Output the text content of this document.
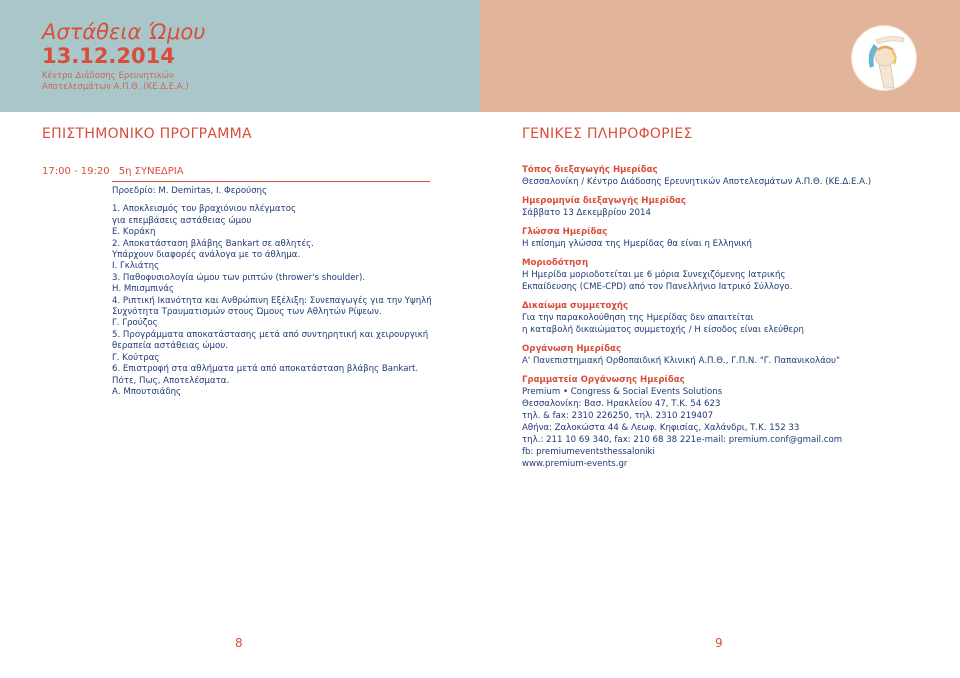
Αστάθεια Ώμου
13.12.2014
Κέντρο Διάδοσης Ερευνητικών
Αποτελεσμάτων Α.Π.Θ. (ΚΕ.Δ.Ε.Α.)
ΕΠΙΣΤΗΜΟΝΙΚΟ ΠΡΟΓΡΑΜΜΑ	ΓΕΝΙΚΕΣ ΠΛΗΡΟΦΟΡΙΕΣ
17:00 - 19:20 5η ΣΥΝΕΔΡΙΑ
Προεδρίο: M. Demirtas, Ι. Φερούσης
1. Αποκλεισμός του βραχιόνιου πλέγματος
για επεμβάσεις αστάθειας ώμου
Ε. Κοράκη
2. Αποκατάσταση βλάβης Bankart σε αθλητές.
Υπάρχουν διαφορές ανάλογα με το άθλημα.
Ι. Γκλιάτης
3. Παθοφυσιολογία ώμου των ριπτών (thrower's shoulder).
Η. Μπισμπινάς
4. Ριπτική Ικανότητα και Ανθρώπινη Εξέλιξη: Συνεπαγωγές για την Υψηλή
Συχνότητα Τραυματισμών στους Ώμους των Αθλητών Ρίψεων.
Γ. Γρούζος
5. Προγράμματα αποκατάστασης μετά από συντηρητική και χειρουργική
θεραπεία αστάθειας ώμου.
Γ. Κούτρας
6. Επιστροφή στα αθλήματα μετά από αποκατάσταση βλάβης Bankart.
Πότε, Πως, Αποτελέσματα.
Α. Μπουτσιάδης
Τόπος διεξαγωγής Ημερίδας
Θεσσαλονίκη / Κέντρο Διάδοσης Ερευνητικών Αποτελεσμάτων Α.Π.Θ. (ΚΕ.Δ.Ε.Α.)
Ημερομηνία διεξαγωγής Ημερίδας
Σάββατο 13 Δεκεμβρίου 2014
Γλώσσα Ημερίδας
Η επίσημη γλώσσα της Ημερίδας θα είναι η Ελληνική
Μοριοδότηση
Η Ημερίδα μοριοδοτείται με 6 μόρια Συνεχιζόμενης Ιατρικής
Εκπαίδευσης (CME-CPD) από τον Πανελλήνιο Ιατρικό Σύλλογο.
Δικαίωμα συμμετοχής
Για την παρακολούθηση της Ημερίδας δεν απαιτείται
η καταβολή δικαιώματος συμμετοχής / Η είσοδος είναι ελεύθερη
Οργάνωση Ημερίδας
Α' Πανεπιστημιακή Ορθοπαιδική Κλινική Α.Π.Θ., Γ.Π.Ν. "Γ. Παπανικολάου"
Γραμματεία Οργάνωσης Ημερίδας
Premium • Congress & Social Events Solutions
Θεσσαλονίκη: Βασ. Ηρακλείου 47, Τ.Κ. 54 623
τηλ. & fax: 2310 226250, τηλ. 2310 219407
Αθήνα: Ζαλοκώστα 44 & Λεωφ. Κηφισίας, Χαλάνδρι, Τ.Κ. 152 33
τηλ.: 211 10 69 340, fax: 210 68 38 221e-mail: premium.conf@gmail.com
fb: premiumeventsthessaloniki
www.premium-events.gr
8	9
